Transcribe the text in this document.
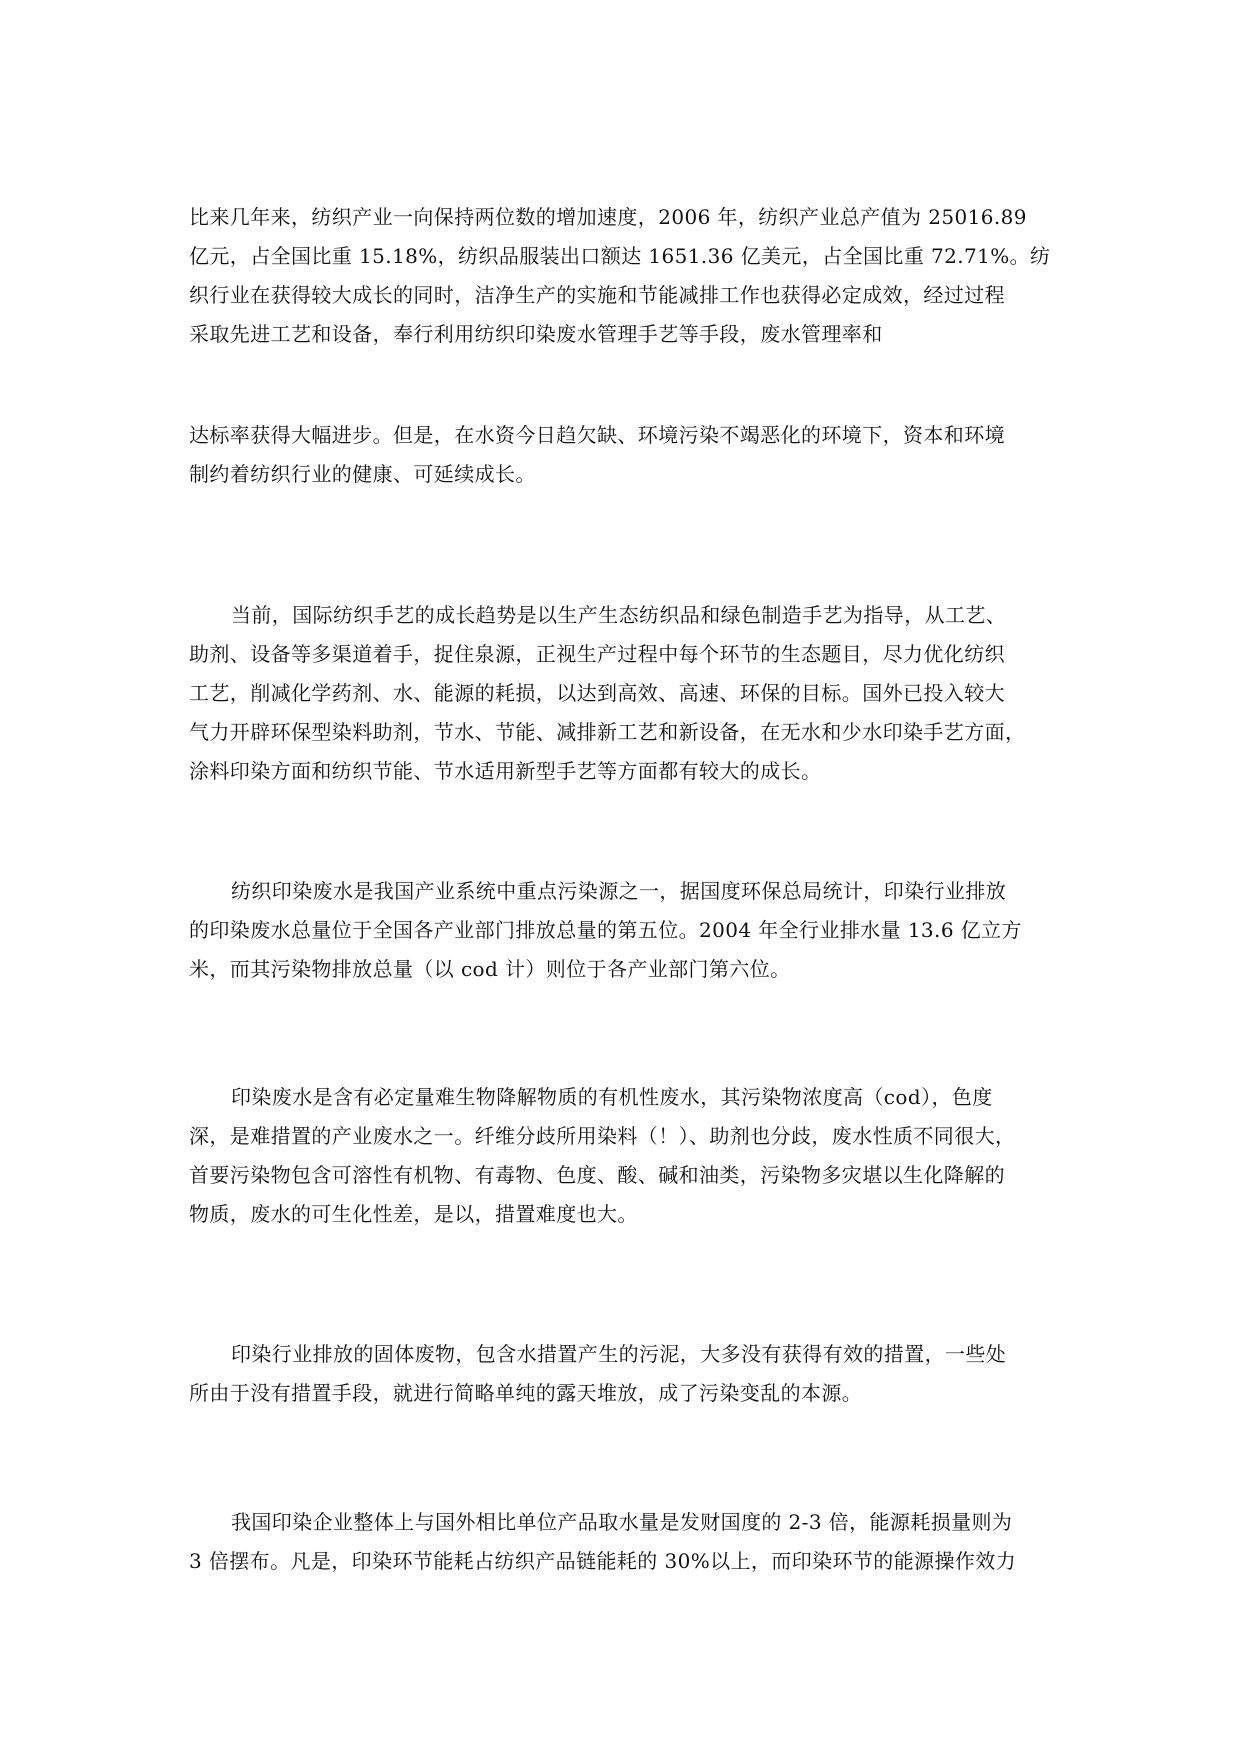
比来几年来，纺织产业一向保持两位数的增加速度，2006 年，纺织产业总产值为 25016.89
亿元，占全国比重 15.18%，纺织品服装出口额达 1651.36 亿美元，占全国比重 72.71%。纺
织行业在获得较大成长的同时，洁净生产的实施和节能减排工作也获得必定成效，经过过程
采取先进工艺和设备，奉行利用纺织印染废水管理手艺等手段，废水管理率和
达标率获得大幅进步。但是，在水资今日趋欠缺、环境污染不竭恶化的环境下，资本和环境
制约着纺织行业的健康、可延续成长。
当前，国际纺织手艺的成长趋势是以生产生态纺织品和绿色制造手艺为指导，从工艺、
助剂、设备等多渠道着手，捉住泉源，正视生产过程中每个环节的生态题目，尽力优化纺织
工艺，削减化学药剂、水、能源的耗损，以达到高效、高速、环保的目标。国外已投入较大
气力开辟环保型染料助剂，节水、节能、减排新工艺和新设备，在无水和少水印染手艺方面，
涂料印染方面和纺织节能、节水适用新型手艺等方面都有较大的成长。
纺织印染废水是我国产业系统中重点污染源之一，据国度环保总局统计，印染行业排放
的印染废水总量位于全国各产业部门排放总量的第五位。2004 年全行业排水量 13.6 亿立方
米，而其污染物排放总量（以 cod 计）则位于各产业部门第六位。
印染废水是含有必定量难生物降解物质的有机性废水，其污染物浓度高（cod），色度
深，是难措置的产业废水之一。纤维分歧所用染料（！）、助剂也分歧，废水性质不同很大，
首要污染物包含可溶性有机物、有毒物、色度、酸、碱和油类，污染物多灾堪以生化降解的
物质，废水的可生化性差，是以，措置难度也大。
印染行业排放的固体废物，包含水措置产生的污泥，大多没有获得有效的措置，一些处
所由于没有措置手段，就进行简略单纯的露天堆放，成了污染变乱的本源。
我国印染企业整体上与国外相比单位产品取水量是发财国度的 2-3 倍，能源耗损量则为
3 倍摆布。凡是，印染环节能耗占纺织产品链能耗的 30%以上，而印染环节的能源操作效力
